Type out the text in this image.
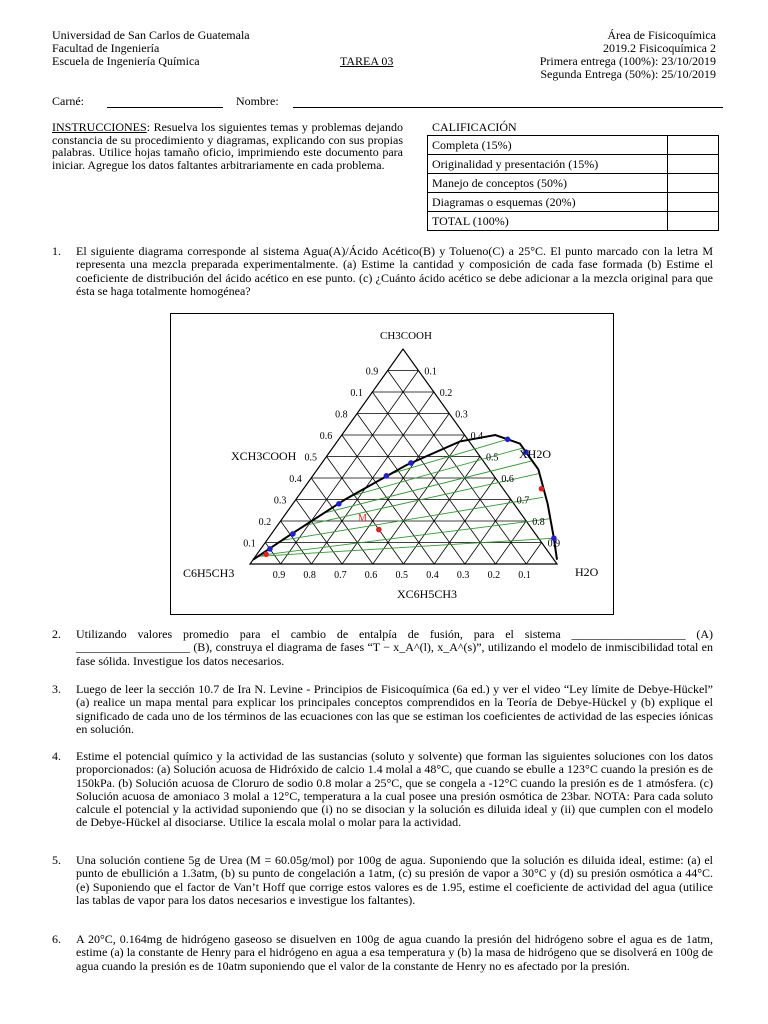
Universidad de San Carlos de Guatemala
Facultad de Ingeniería
Escuela de Ingeniería Química	TAREA 03
Área de Fisicoquímica
2019.2 Fisicoquímica 2
Primera entrega (100%): 23/10/2019
Segunda Entrega (50%): 25/10/2019
Carné:	Nombre:
INSTRUCCIONES: Resuelva los siguientes temas y problemas dejando constancia de su procedimiento y diagramas, explicando con sus propias palabras. Utilice hojas tamaño oficio, imprimiendo este documento para iniciar. Agregue los datos faltantes arbitrariamente en cada problema.
CALIFICACIÓN
Completa (15%)	
Originalidad y presentación (15%)	
Manejo de conceptos (50%)	
Diagramas o esquemas (20%)	
TOTAL (100%)	
1. El siguiente diagrama corresponde al sistema Agua(A)/Ácido Acético(B) y Tolueno(C) a 25°C. El punto marcado con la letra M representa una mezcla preparada experimentalmente. (a) Estime la cantidad y composición de cada fase formada (b) Estime el coeficiente de distribución del ácido acético en ese punto. (c) ¿Cuánto ácido acético se debe adicionar a la mezcla original para que ésta se haga totalmente homogénea?
0.9
0.1
0.8
0.6
0.5
0.4
0.3
0.2
0.1
0.1
0.2
0.3
0.4
0.5
0.6
0.7
0.8
0.9
0.9 0.8 0.7 0.6 0.5 0.4 0.3 0.2 0.1
CH3COOH
C6H5CH3	H2O
XCH3COOH	XH2O
XC6H5CH3
M
2. Utilizando valores promedio para el cambio de entalpía de fusión, para el sistema ___________________ (A) ___________________ (B), construya el diagrama de fases “T − x_A^(l), x_A^(s)”, utilizando el modelo de inmiscibilidad total en fase sólida. Investigue los datos necesarios.
3. Luego de leer la sección 10.7 de Ira N. Levine - Principios de Fisicoquímica (6a ed.) y ver el video “Ley límite de Debye-Hückel” (a) realice un mapa mental para explicar los principales conceptos comprendidos en la Teoría de Debye-Hückel y (b) explique el significado de cada uno de los términos de las ecuaciones con las que se estiman los coeficientes de actividad de las especies iónicas en solución.
4. Estime el potencial químico y la actividad de las sustancias (soluto y solvente) que forman las siguientes soluciones con los datos proporcionados: (a) Solución acuosa de Hidróxido de calcio 1.4 molal a 48°C, que cuando se ebulle a 123°C cuando la presión es de 150kPa. (b) Solución acuosa de Cloruro de sodio 0.8 molar a 25°C, que se congela a -12°C cuando la presión es de 1 atmósfera. (c) Solución acuosa de amoniaco 3 molal a 12°C, temperatura a la cual posee una presión osmótica de 23bar. NOTA: Para cada soluto calcule el potencial y la actividad suponiendo que (i) no se disocian y la solución es diluida ideal y (ii) que cumplen con el modelo de Debye-Hückel al disociarse. Utilice la escala molal o molar para la actividad.
5. Una solución contiene 5g de Urea (M = 60.05g/mol) por 100g de agua. Suponiendo que la solución es diluida ideal, estime: (a) el punto de ebullición a 1.3atm, (b) su punto de congelación a 1atm, (c) su presión de vapor a 30°C y (d) su presión osmótica a 44°C. (e) Suponiendo que el factor de Van’t Hoff que corrige estos valores es de 1.95, estime el coeficiente de actividad del agua (utilice las tablas de vapor para los datos necesarios e investigue los faltantes).
6. A 20°C, 0.164mg de hidrógeno gaseoso se disuelven en 100g de agua cuando la presión del hidrógeno sobre el agua es de 1atm, estime (a) la constante de Henry para el hidrógeno en agua a esa temperatura y (b) la masa de hidrógeno que se disolverá en 100g de agua cuando la presión es de 10atm suponiendo que el valor de la constante de Henry no es afectado por la presión.
